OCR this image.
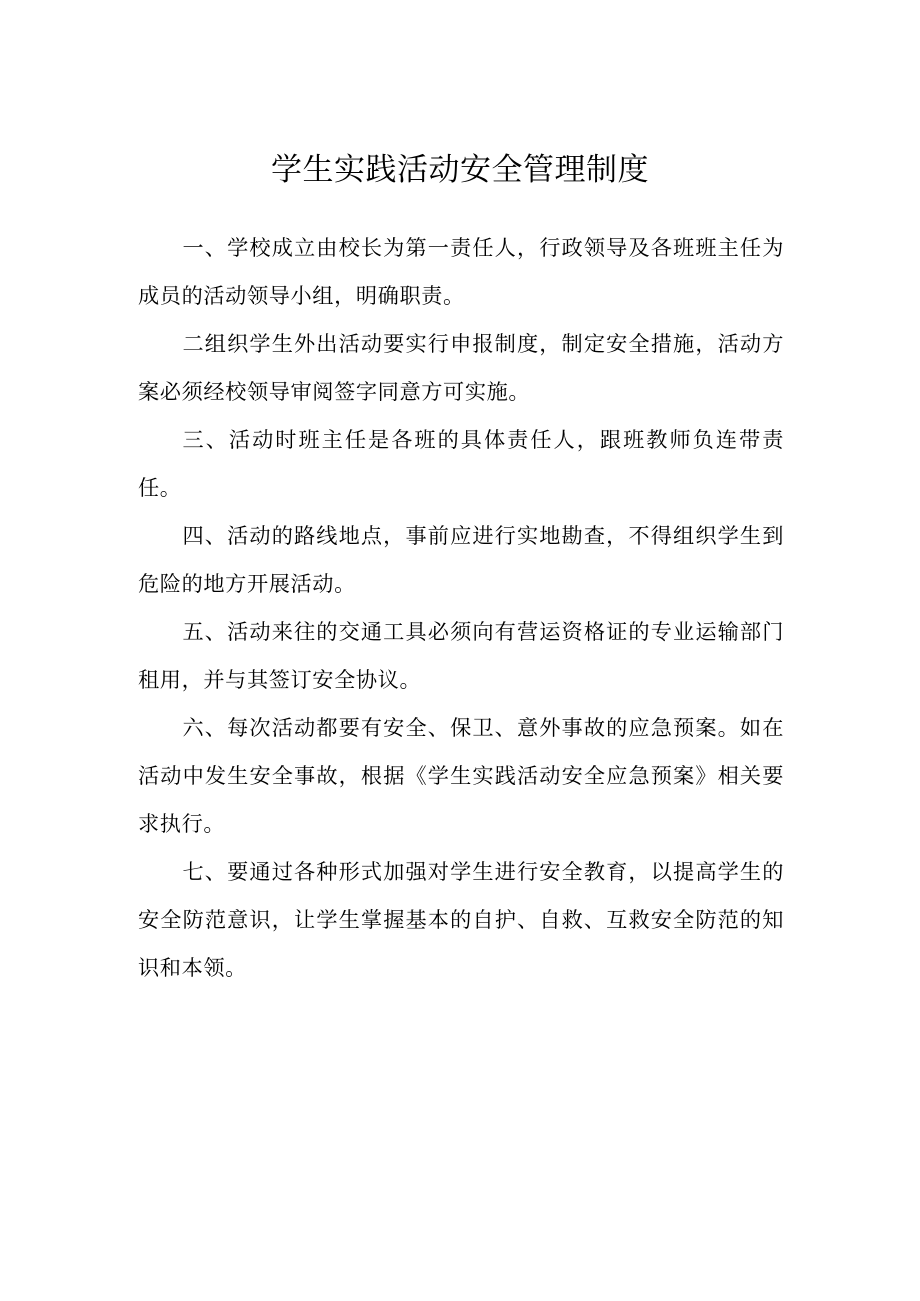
学生实践活动安全管理制度

一、学校成立由校长为第一责任人，行政领导及各班班主任为成员的活动领导小组，明确职责。

二组织学生外出活动要实行申报制度，制定安全措施，活动方案必须经校领导审阅签字同意方可实施。

三、活动时班主任是各班的具体责任人，跟班教师负连带责任。

四、活动的路线地点，事前应进行实地勘查，不得组织学生到危险的地方开展活动。

五、活动来往的交通工具必须向有营运资格证的专业运输部门租用，并与其签订安全协议。

六、每次活动都要有安全、保卫、意外事故的应急预案。如在活动中发生安全事故，根据《学生实践活动安全应急预案》相关要求执行。

七、要通过各种形式加强对学生进行安全教育，以提高学生的安全防范意识，让学生掌握基本的自护、自救、互救安全防范的知识和本领。
